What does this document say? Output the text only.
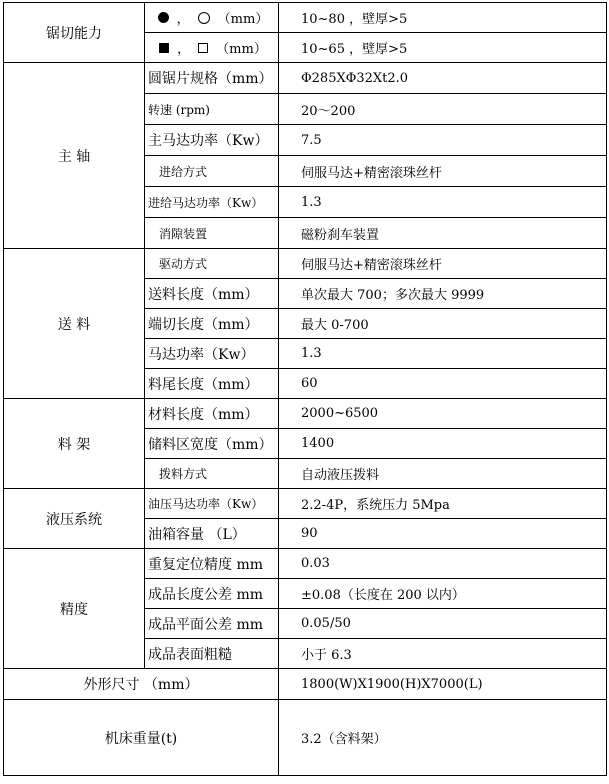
锯切能力	， （mm）	10~80 ，壁厚>5

	， （mm）	10~65 ，壁厚>5
主 轴	圆锯片规格（mm）	Φ285ХΦ32Хt2.0
	转速 (rpm)	20～200
	主马达功率（Kw）	7.5
	进给方式	伺服马达+精密滚珠丝杆
	进给马达功率（Kw）	1.3
	消隙装置	磁粉刹车装置
送 料	驱动方式	伺服马达+精密滚珠丝杆
	送料长度（mm）	单次最大 700；多次最大 9999
	端切长度（mm）	最大 0-700
	马达功率（Kw）	1.3
	料尾长度（mm）	60
料 架	材料长度（mm）	2000~6500
	储料区宽度（mm）	1400
	拨料方式	自动液压拨料
液压系统	油压马达功率（Kw）	2.2-4P，系统压力 5Mpa
	油箱容量 （L）	90
精度	重复定位精度 mm	0.03
	成品长度公差 mm	±0.08（长度在 200 以内）
	成品平面公差 mm	0.05/50
	成品表面粗糙	小于 6.3
外形尺寸 （mm）		1800(W)Х1900(H)Х7000(L)
机床重量(t)		3.2（含料架）
